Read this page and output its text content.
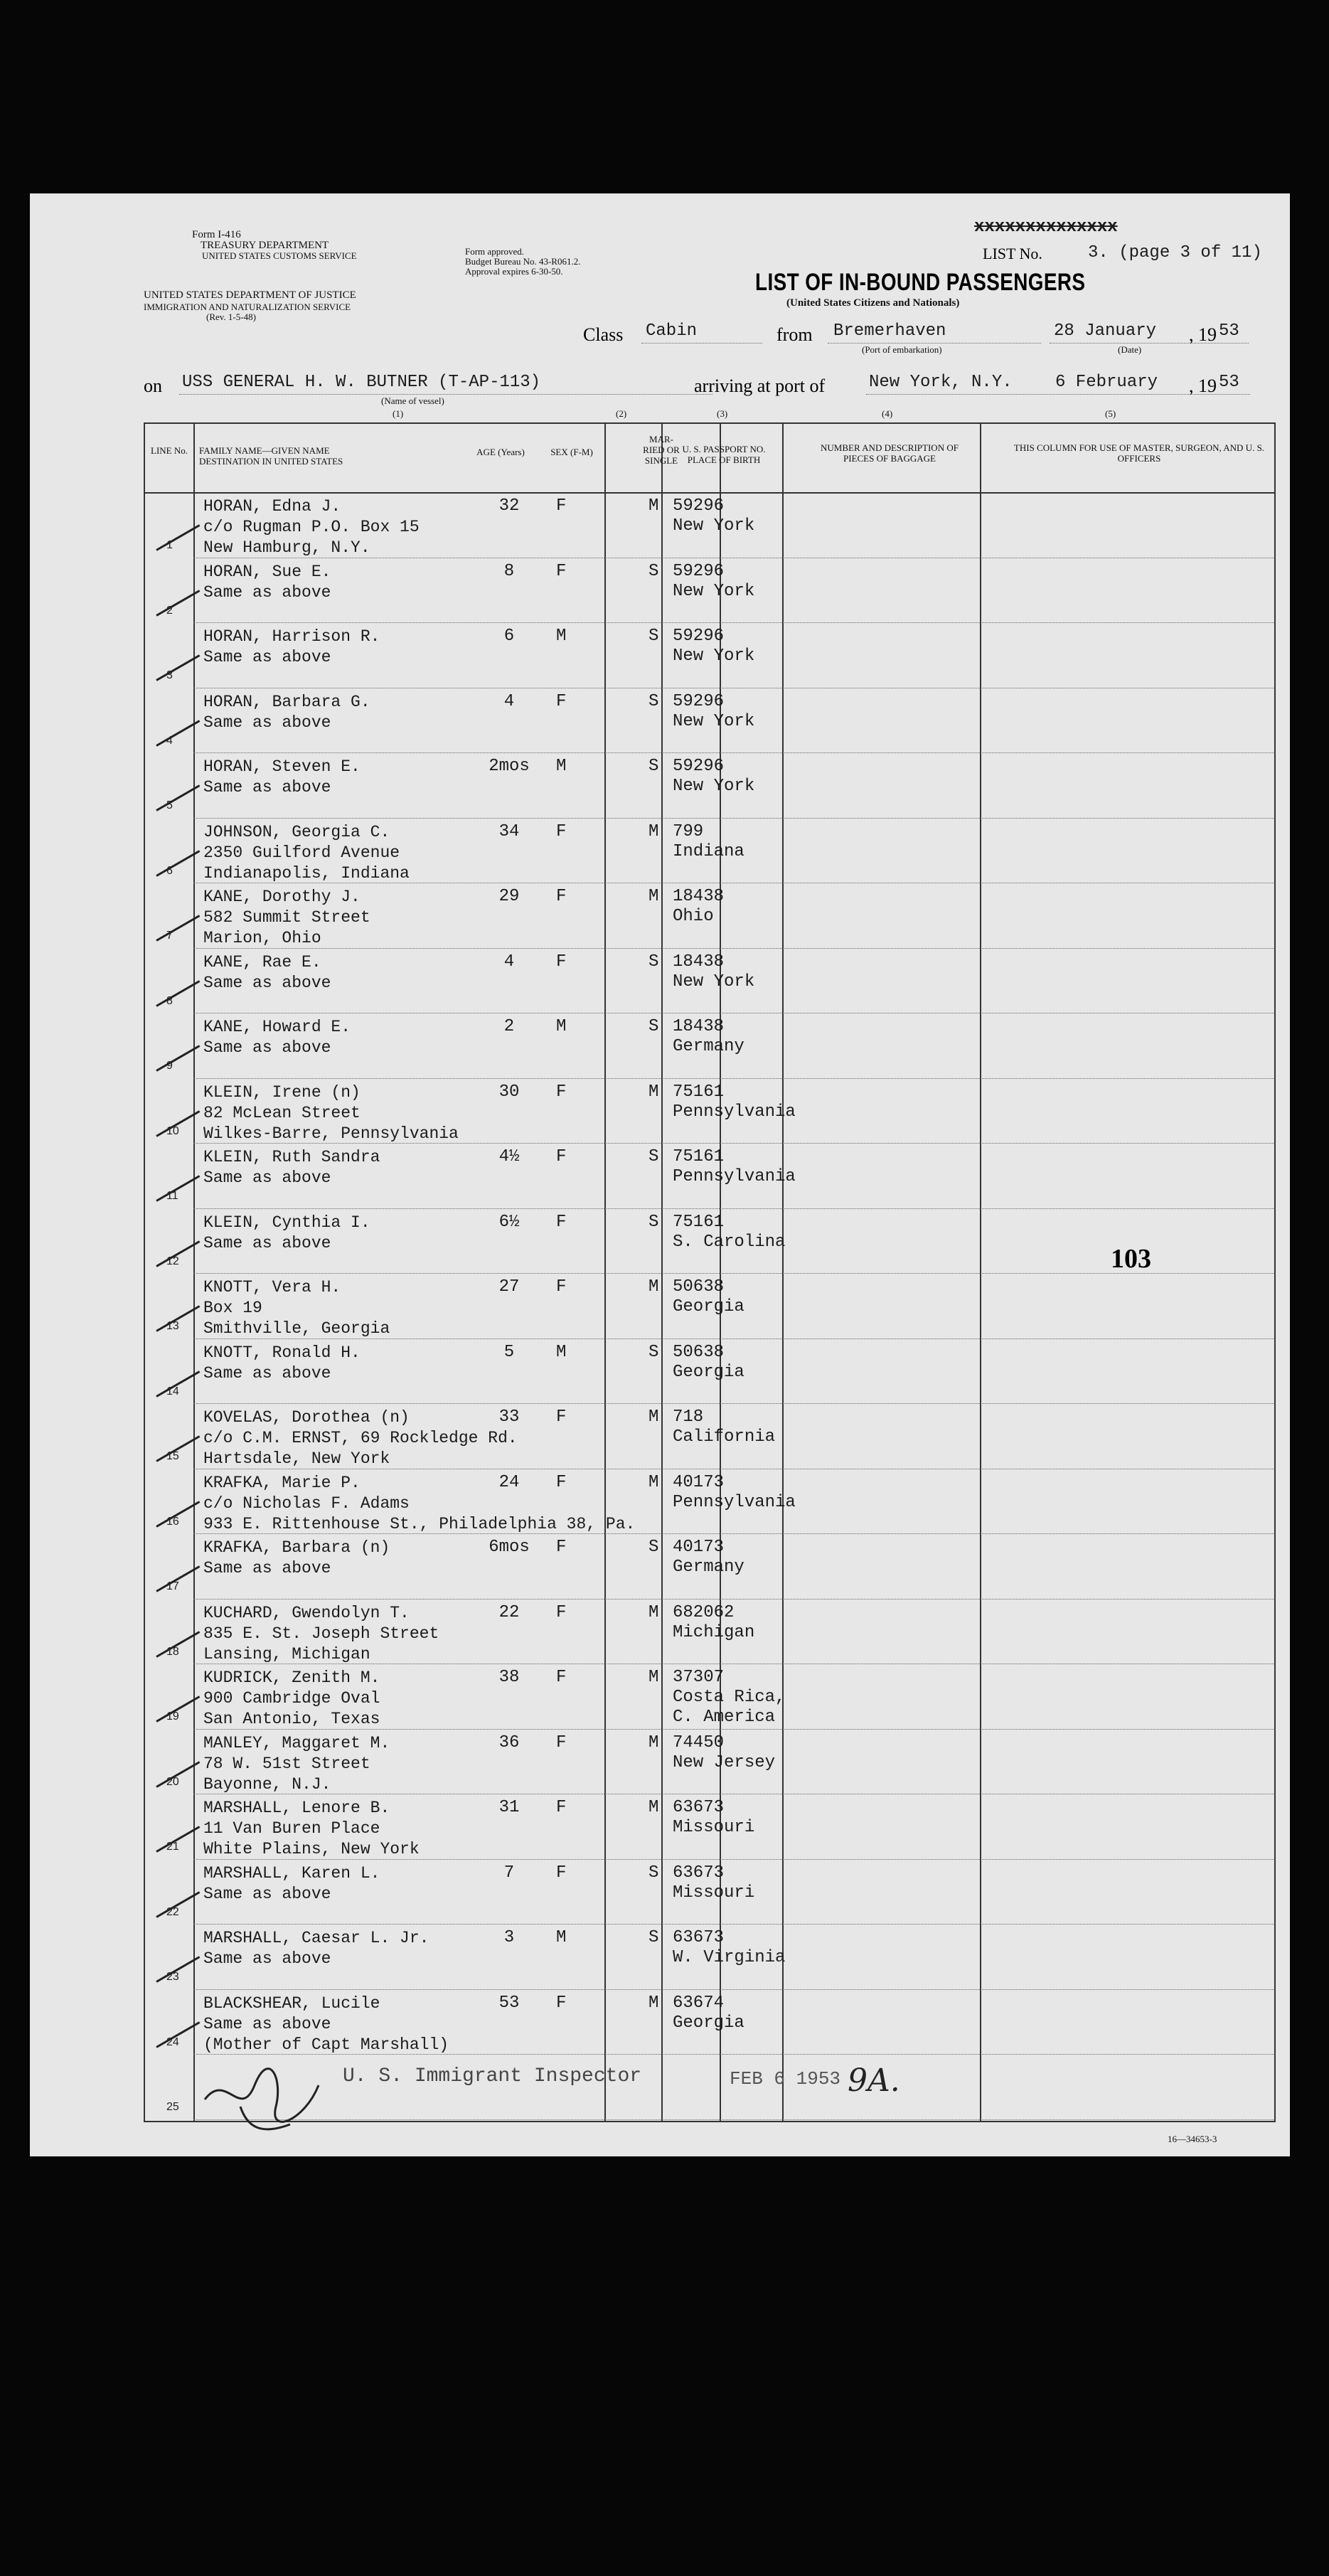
Form I-416
TREASURY DEPARTMENT
UNITED STATES CUSTOMS SERVICE
UNITED STATES DEPARTMENT OF JUSTICE
IMMIGRATION AND NATURALIZATION SERVICE
(Rev. 1-5-48)
Form approved.
Budget Bureau No. 43-R061.2.
Approval expires 6-30-50.
xxxxxxxxxxxxxx
LIST No.	3. (page 3 of 11)
LIST OF IN-BOUND PASSENGERS
(United States Citizens and Nationals)
Class Cabin	from Bremerhaven
(Port of embarkation)
28 January , 19 53
(Date)
on USS GENERAL H. W. BUTNER (T-AP-113)
(Name of vessel)
arriving at port of	New York, N.Y.	6 February , 19 53
(1)	(2)	(3)	(4)	(5)
LINE No.	FAMILY NAME—GIVEN NAME DESTINATION IN UNITED STATES
AGE (Years)	SEX (F-M)
MAR-RIED OR SINGLE
U. S. PASSPORT NO. PLACE OF BIRTH
NUMBER AND DESCRIPTION OF PIECES OF BAGGAGE
THIS COLUMN FOR USE OF MASTER, SURGEON, AND U. S. OFFICERS
1
HORAN, Edna J.
c/o Rugman P.O. Box 15
New Hamburg, N.Y.
32	F	M 59296
New York
2
HORAN, Sue E.
Same as above
8	F	S 59296
New York
3
HORAN, Harrison R.
Same as above
6	M	S 59296
New York
4
HORAN, Barbara G.
Same as above
4	F	S 59296
New York
5
HORAN, Steven E.
Same as above
2mos	M	S 59296
New York
6
JOHNSON, Georgia C.
2350 Guilford Avenue
Indianapolis, Indiana
34	F	M 799
Indiana
7
KANE, Dorothy J.
582 Summit Street
Marion, Ohio
29	F	M 18438
Ohio
8
KANE, Rae E.
Same as above
4	F	S 18438
New York
9
KANE, Howard E.
Same as above
2	M	S 18438
Germany
10
KLEIN, Irene (n)
82 McLean Street
Wilkes-Barre, Pennsylvania
30	F	M 75161
Pennsylvania
11
KLEIN, Ruth Sandra
Same as above
4½	F	S 75161
Pennsylvania
12
KLEIN, Cynthia I.
Same as above
6½	F	S 75161
S. Carolina
13
KNOTT, Vera H.
Box 19
Smithville, Georgia
27	F	M 50638
Georgia
14
KNOTT, Ronald H.
Same as above
5	M	S 50638
Georgia
15
KOVELAS, Dorothea (n)
c/o C.M. ERNST, 69 Rockledge Rd.
Hartsdale, New York
33	F	M 718
California
16
KRAFKA, Marie P.
c/o Nicholas F. Adams
933 E. Rittenhouse St., Philadelphia 38, Pa.
24	F	M 40173
Pennsylvania
17
KRAFKA, Barbara (n)
Same as above
6mos	F	S 40173
Germany
18
KUCHARD, Gwendolyn T.
835 E. St. Joseph Street
Lansing, Michigan
22	F	M 682062
Michigan
19
KUDRICK, Zenith M.
900 Cambridge Oval
San Antonio, Texas
38	F	M 37307
Costa Rica,
C. America
20
MANLEY, Maggaret M.
78 W. 51st Street
Bayonne, N.J.
36	F	M 74450
New Jersey
21
MARSHALL, Lenore B.
11 Van Buren Place
White Plains, New York
31	F	M 63673
Missouri
22
MARSHALL, Karen L.
Same as above
7	F	S 63673
Missouri
23
MARSHALL, Caesar L. Jr.
Same as above
3	M	S 63673
W. Virginia
24
BLACKSHEAR, Lucile
Same as above
(Mother of Capt Marshall)
53	F	M 63674
Georgia
25
103
U. S. Immigrant Inspector	FEB 6 1953 9A.
16—34653-3
